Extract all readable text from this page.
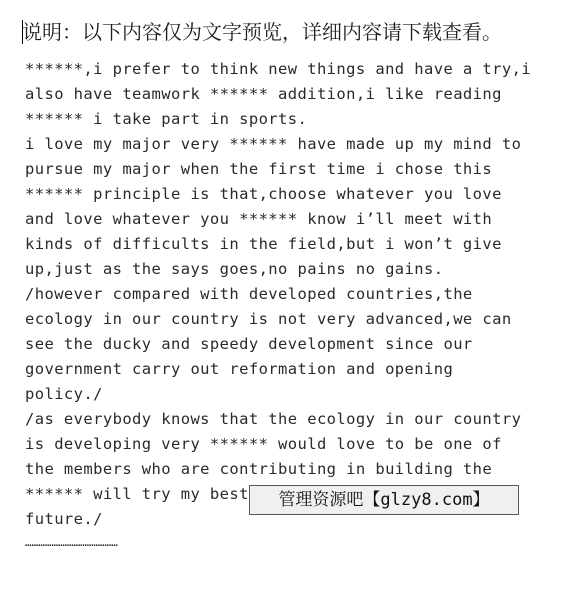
说明：以下内容仅为文字预览，详细内容请下载查看。
******,i prefer to think new things and have a try,i
also have teamwork ****** addition,i like reading
****** i take part in sports.
i love my major very ****** have made up my mind to
pursue my major when the first time i chose this
****** principle is that,choose whatever you love
and love whatever you ****** know i’ll meet with
kinds of difficults in the field,but i won’t give
up,just as the says goes,no pains no gains.
/however compared with developed countries,the
ecology in our country is not very advanced,we can
see the ducky and speedy development since our
government carry out reformation and opening
policy./
/as everybody knows that the ecology in our country
is developing very ****** would love to be one of
the members who are contributing in building the
****** will try my best
future./
……………………………………
管理资源吧【glzy8.com】
